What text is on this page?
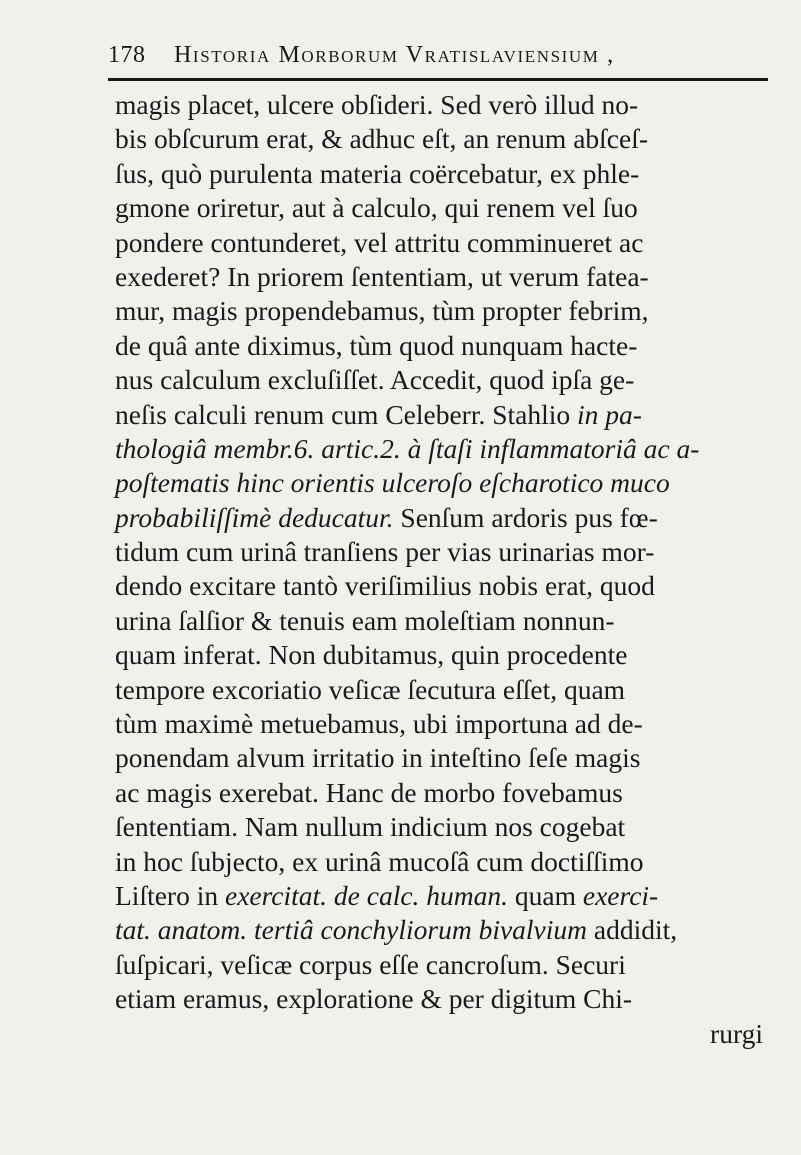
178 Historia Morborum Vratislaviensium ,
magis placet, ulcere obſideri. Sed verò illud no-
bis obſcurum erat, & adhuc eſt, an renum abſceſ-
ſus, quò purulenta materia coërcebatur, ex phle-
gmone oriretur, aut à calculo, qui renem vel ſuo
pondere contunderet, vel attritu comminueret ac
exederet? In priorem ſententiam, ut verum fatea-
mur, magis propendebamus, tùm propter febrim,
de quâ ante diximus, tùm quod nunquam hacte-
nus calculum excluſiſſet. Accedit, quod ipſa ge-
neſis calculi renum cum Celeberr. Stahlio in pa-
thologiâ membr.6. artic.2. à ſtaſi inflammatoriâ ac a-
poſtematis hinc orientis ulceroſo eſcharotico muco
probabiliſſimè deducatur. Senſum ardoris pus fœ-
tidum cum urinâ tranſiens per vias urinarias mor-
dendo excitare tantò veriſimilius nobis erat, quod
urina ſalſior & tenuis eam moleſtiam nonnun-
quam inferat. Non dubitamus, quin procedente
tempore excoriatio veſicæ ſecutura eſſet, quam
tùm maximè metuebamus, ubi importuna ad de-
ponendam alvum irritatio in inteſtino ſeſe magis
ac magis exerebat. Hanc de morbo fovebamus
ſententiam. Nam nullum indicium nos cogebat
in hoc ſubjecto, ex urinâ mucoſâ cum doctiſſimo
Liſtero in exercitat. de calc. human. quam exerci-
tat. anatom. tertiâ conchyliorum bivalvium addidit,
ſuſpicari, veſicæ corpus eſſe cancroſum. Securi
etiam eramus, exploratione & per digitum Chi-
rurgi
